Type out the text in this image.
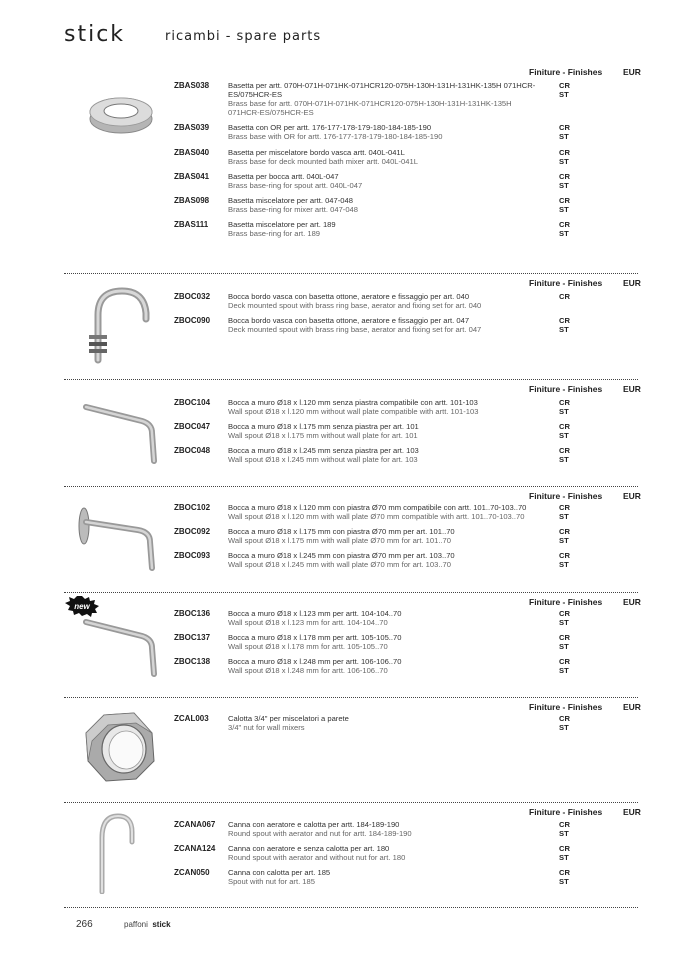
stick	ricambi - spare parts
Finiture - Finishes EUR
ZBAS038 Basetta per artt. 070H-071H-071HK-071HCR120-075H-130H-131H-131HK-135H 071HCR-ES/075HCR-ES
Brass base for artt. 070H-071H-071HK-071HCR120-075H-130H-131H-131HK-135H 071HCR-ES/075HCR-ES
CR
ST
ZBAS039 Basetta con OR per artt. 176-177-178-179-180-184-185-190
Brass base with OR for artt. 176-177-178-179-180-184-185-190
CR
ST
ZBAS040 Basetta per miscelatore bordo vasca artt. 040L-041L
Brass base for deck mounted bath mixer artt. 040L-041L
CR
ST
ZBAS041 Basetta per bocca artt. 040L-047
Brass base-ring for spout artt. 040L-047
CR
ST
ZBAS098 Basetta miscelatore per artt. 047-048
Brass base-ring for mixer artt. 047-048
CR
ST
ZBAS111	Basetta miscelatore per art. 189
Brass base-ring for art. 189
CR
ST
Finiture - Finishes EUR
ZBOC032 Bocca bordo vasca con basetta ottone, aeratore e fissaggio per art. 040
Deck mounted spout with brass ring base, aerator and fixing set for art. 040
CR
ZBOC090 Bocca bordo vasca con basetta ottone, aeratore e fissaggio per art. 047
Deck mounted spout with brass ring base, aerator and fixing set for art. 047
CR
ST
Finiture - Finishes EUR
ZBOC104 Bocca a muro Ø18 x l.120 mm senza piastra compatibile con artt. 101-103
Wall spout Ø18 x l.120 mm without wall plate compatible with artt. 101-103
CR
ST
ZBOC047 Bocca a muro Ø18 x l.175 mm senza piastra per art. 101
Wall spout Ø18 x l.175 mm without wall plate for art. 101
CR
ST
ZBOC048 Bocca a muro Ø18 x l.245 mm senza piastra per art. 103
Wall spout Ø18 x l.245 mm without wall plate for art. 103
CR
ST
Finiture - Finishes EUR
ZBOC102 Bocca a muro Ø18 x l.120 mm con piastra Ø70 mm compatibile con artt. 101..70-103..70
Wall spout Ø18 x l.120 mm with wall plate Ø70 mm compatible with artt. 101..70-103..70
CR
ST
ZBOC092 Bocca a muro Ø18 x l.175 mm con piastra Ø70 mm per art. 101..70
Wall spout Ø18 x l.175 mm with wall plate Ø70 mm for art. 101..70
CR
ST
ZBOC093 Bocca a muro Ø18 x l.245 mm con piastra Ø70 mm per art. 103..70
Wall spout Ø18 x l.245 mm with wall plate Ø70 mm for art. 103..70
CR
ST
Finiture - Finishes EUR
new
ZBOC136 Bocca a muro Ø18 x l.123 mm per artt. 104-104..70
Wall spout Ø18 x l.123 mm for artt. 104-104..70
CR
ST
ZBOC137 Bocca a muro Ø18 x l.178 mm per artt. 105-105..70
Wall spout Ø18 x l.178 mm for artt. 105-105..70
CR
ST
ZBOC138 Bocca a muro Ø18 x l.248 mm per artt. 106-106..70
Wall spout Ø18 x l.248 mm for artt. 106-106..70
CR
ST
Finiture - Finishes EUR
ZCAL003	Calotta 3/4" per miscelatori a parete
3/4" nut for wall mixers
CR
ST
Finiture - Finishes EUR
ZCANA067 Canna con aeratore e calotta per artt. 184-189-190
Round spout with aerator and nut for artt. 184-189-190
CR
ST
ZCANA124 Canna con aeratore e senza calotta per art. 180
Round spout with aerator and without nut for art. 180
CR
ST
ZCAN050 Canna con calotta per art. 185
Spout with nut for art. 185
CR
ST
266	paffoni stick
